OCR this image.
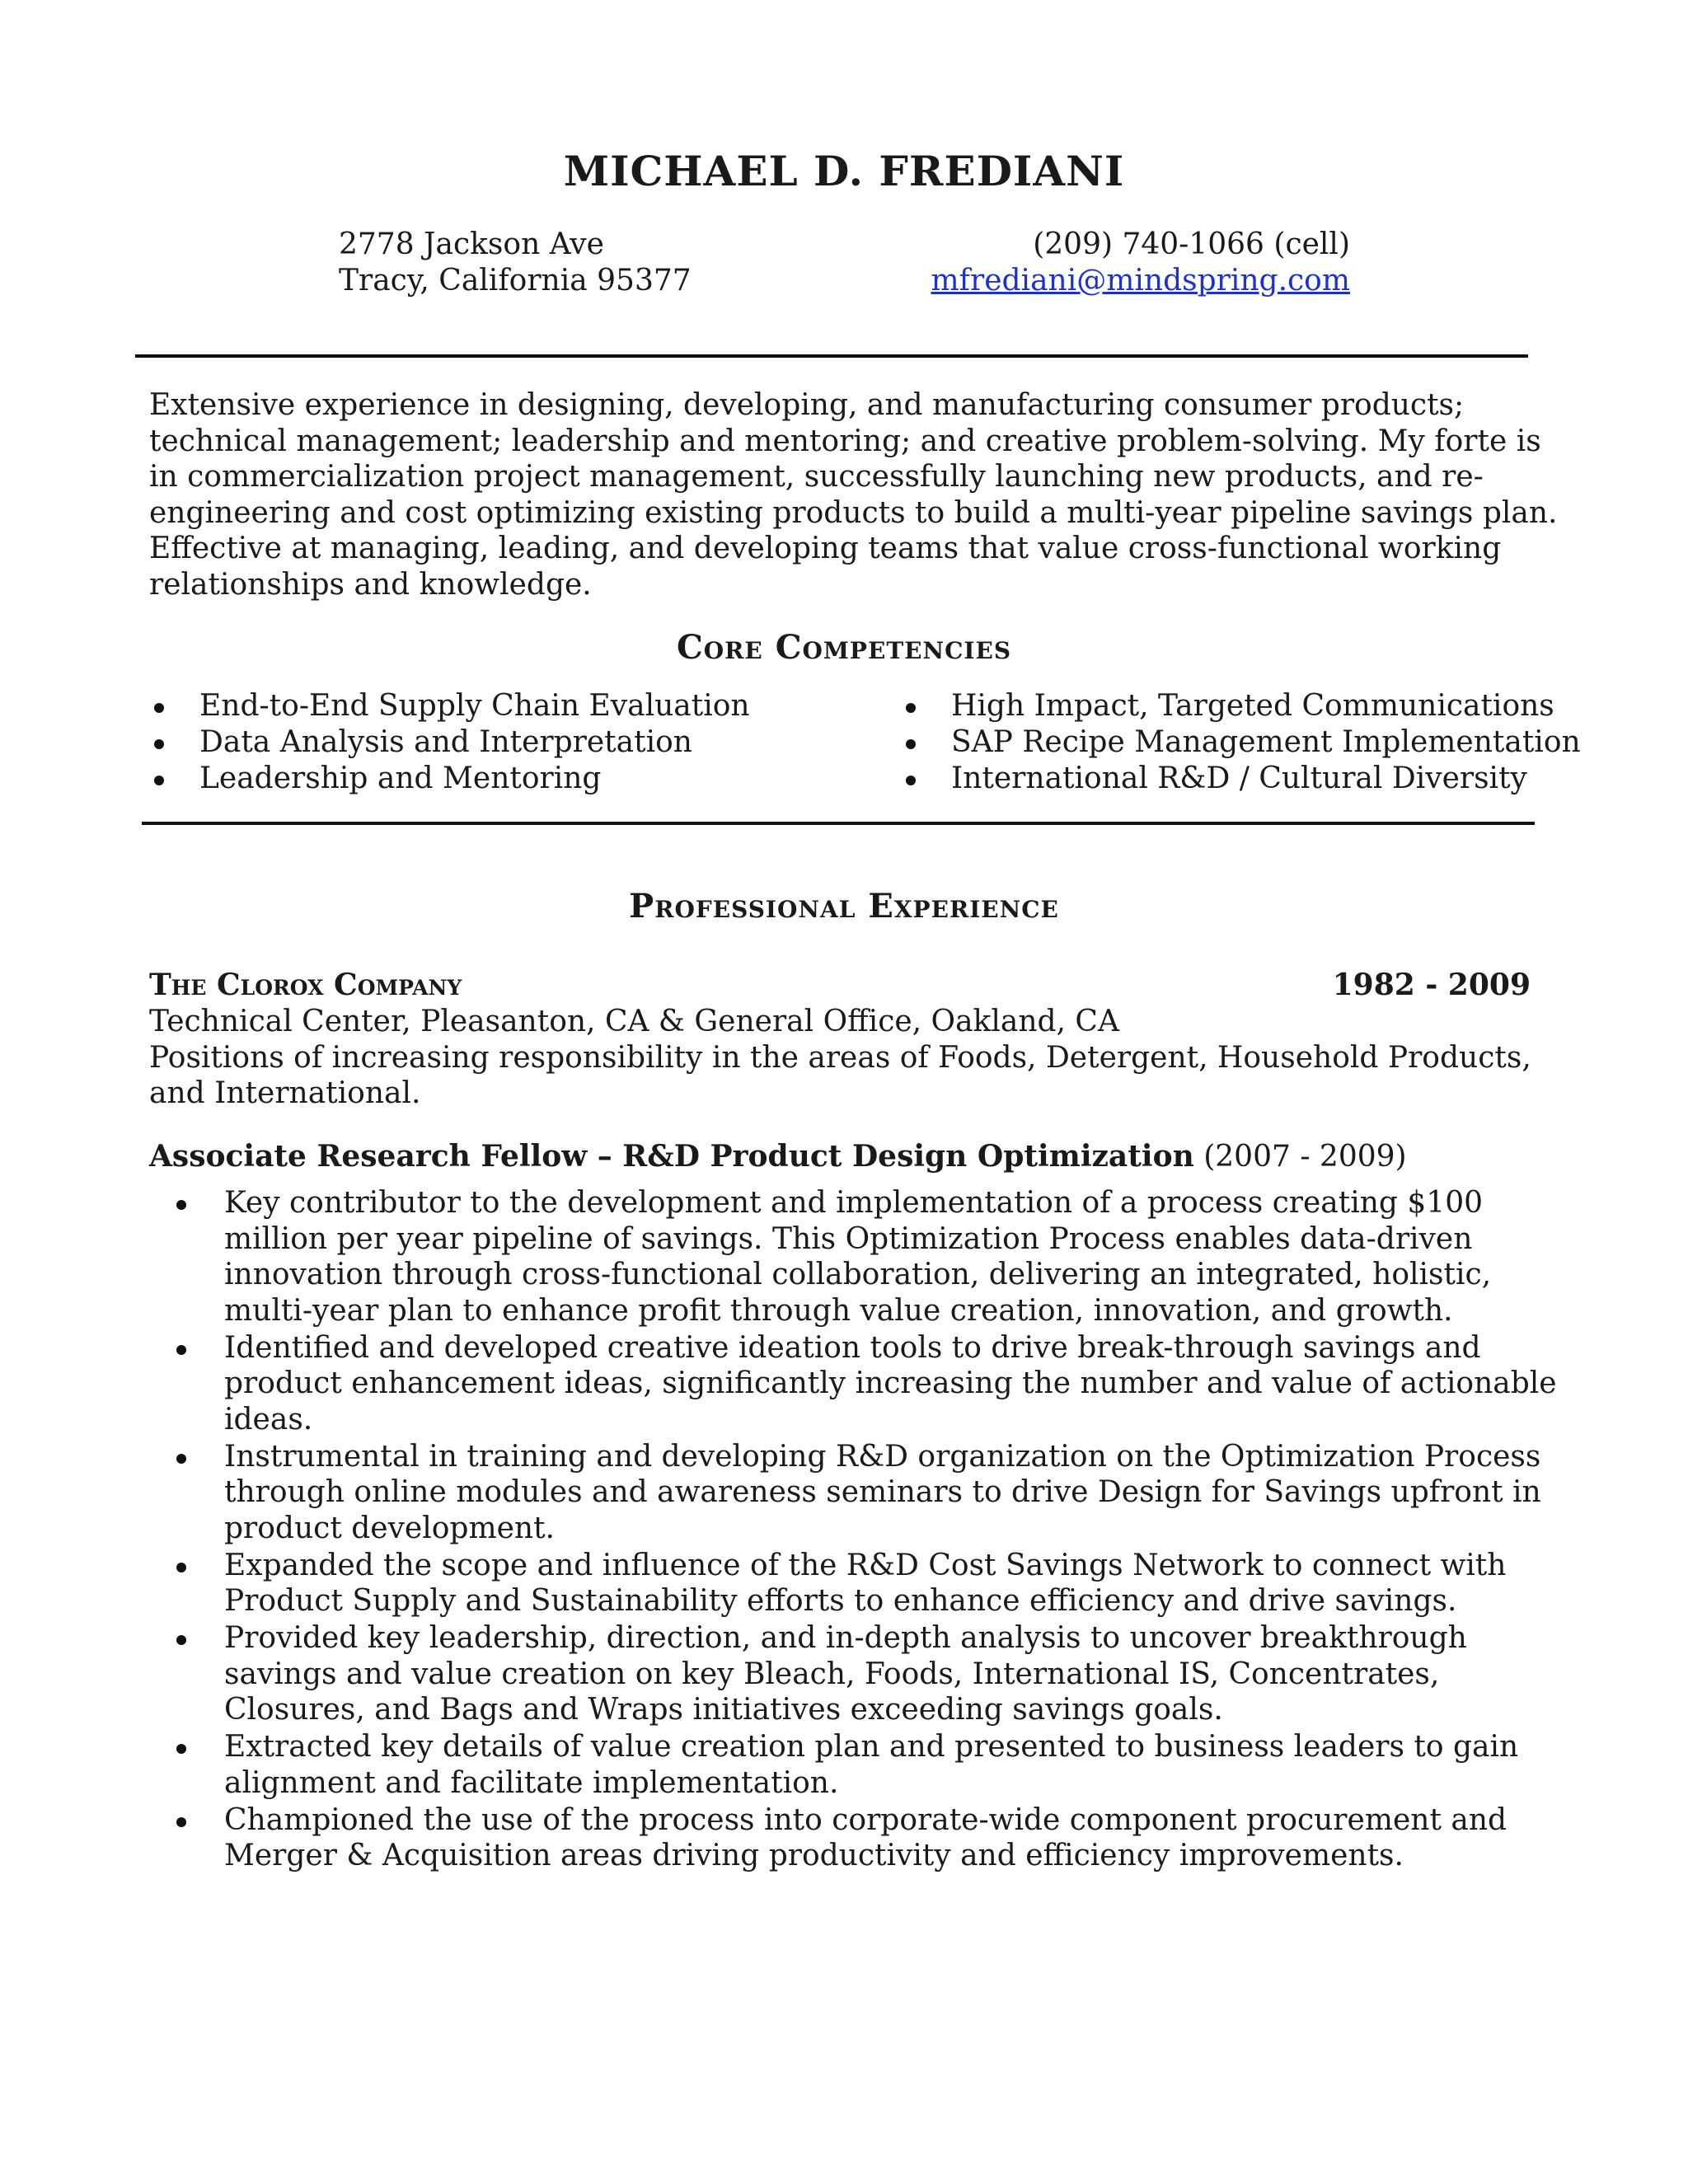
MICHAEL D. FREDIANI
2778 Jackson Ave
Tracy, California 95377
(209) 740-1066 (cell)
mfrediani@mindspring.com
Extensive experience in designing, developing, and manufacturing consumer products;
technical management; leadership and mentoring; and creative problem-solving. My forte is
in commercialization project management, successfully launching new products, and re-
engineering and cost optimizing existing products to build a multi-year pipeline savings plan.
Effective at managing, leading, and developing teams that value cross-functional working
relationships and knowledge.
Core Competencies
End-to-End Supply Chain Evaluation
Data Analysis and Interpretation
Leadership and Mentoring
High Impact, Targeted Communications
SAP Recipe Management Implementation
International R&D / Cultural Diversity
Professional Experience
The Clorox Company	1982 - 2009
Technical Center, Pleasanton, CA & General Office, Oakland, CA
Positions of increasing responsibility in the areas of Foods, Detergent, Household Products,
and International.
Associate Research Fellow – R&D Product Design Optimization (2007 - 2009)
Key contributor to the development and implementation of a process creating $100
million per year pipeline of savings. This Optimization Process enables data-driven
innovation through cross-functional collaboration, delivering an integrated, holistic,
multi-year plan to enhance profit through value creation, innovation, and growth.
Identified and developed creative ideation tools to drive break-through savings and
product enhancement ideas, significantly increasing the number and value of actionable
ideas.
Instrumental in training and developing R&D organization on the Optimization Process
through online modules and awareness seminars to drive Design for Savings upfront in
product development.
Expanded the scope and influence of the R&D Cost Savings Network to connect with
Product Supply and Sustainability efforts to enhance efficiency and drive savings.
Provided key leadership, direction, and in-depth analysis to uncover breakthrough
savings and value creation on key Bleach, Foods, International IS, Concentrates,
Closures, and Bags and Wraps initiatives exceeding savings goals.
Extracted key details of value creation plan and presented to business leaders to gain
alignment and facilitate implementation.
Championed the use of the process into corporate-wide component procurement and
Merger & Acquisition areas driving productivity and efficiency improvements.
